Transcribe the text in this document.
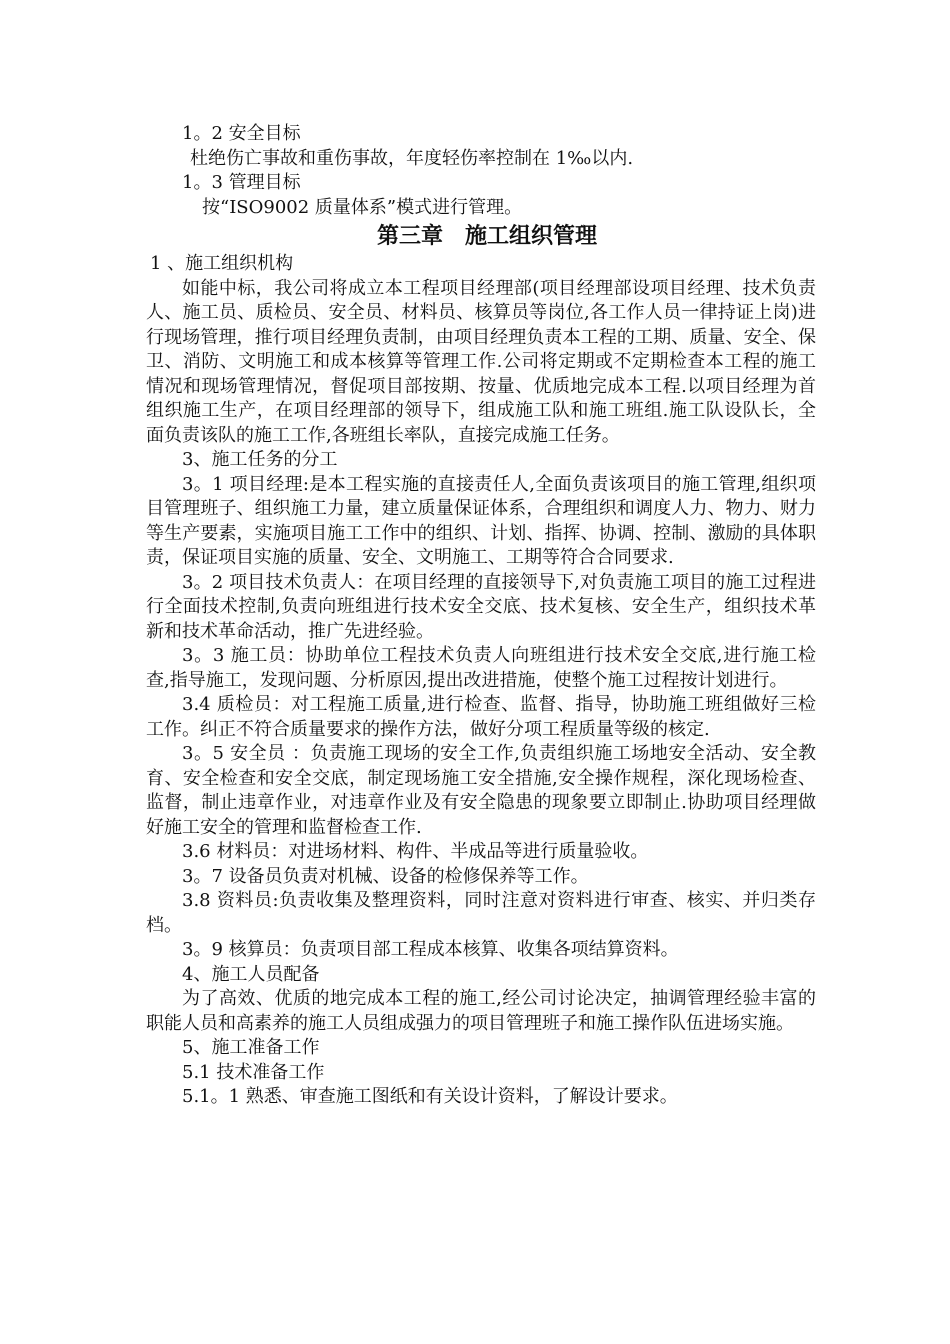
1。2 安全目标
杜绝伤亡事故和重伤事故，年度轻伤率控制在 1‰以内.
1。3 管理目标
按“ISO9002 质量体系”模式进行管理。
第三章　施工组织管理
1 、施工组织机构
如能中标，我公司将成立本工程项目经理部(项目经理部设项目经理、技术负责人、施工员、质检员、安全员、材料员、核算员等岗位,各工作人员一律持证上岗)进行现场管理，推行项目经理负责制，由项目经理负责本工程的工期、质量、安全、保卫、消防、文明施工和成本核算等管理工作.公司将定期或不定期检查本工程的施工情况和现场管理情况，督促项目部按期、按量、优质地完成本工程.以项目经理为首组织施工生产，在项目经理部的领导下，组成施工队和施工班组.施工队设队长，全面负责该队的施工工作,各班组长率队，直接完成施工任务。
3、施工任务的分工
3。1 项目经理:是本工程实施的直接责任人,全面负责该项目的施工管理,组织项目管理班子、组织施工力量，建立质量保证体系，合理组织和调度人力、物力、财力等生产要素，实施项目施工工作中的组织、计划、指挥、协调、控制、激励的具体职责，保证项目实施的质量、安全、文明施工、工期等符合合同要求.
3。2 项目技术负责人：在项目经理的直接领导下,对负责施工项目的施工过程进行全面技术控制,负责向班组进行技术安全交底、技术复核、安全生产，组织技术革新和技术革命活动，推广先进经验。
3。3 施工员：协助单位工程技术负责人向班组进行技术安全交底,进行施工检查,指导施工，发现问题、分析原因,提出改进措施，使整个施工过程按计划进行。
3.4 质检员：对工程施工质量,进行检查、监督、指导，协助施工班组做好三检工作。纠正不符合质量要求的操作方法，做好分项工程质量等级的核定.
3。5 安全员 ：负责施工现场的安全工作,负责组织施工场地安全活动、安全教育、安全检查和安全交底，制定现场施工安全措施,安全操作规程，深化现场检查、监督，制止违章作业，对违章作业及有安全隐患的现象要立即制止.协助项目经理做好施工安全的管理和监督检查工作.
3.6 材料员：对进场材料、构件、半成品等进行质量验收。
3。7 设备员负责对机械、设备的检修保养等工作。
3.8 资料员:负责收集及整理资料，同时注意对资料进行审查、核实、并归类存档。
3。9 核算员：负责项目部工程成本核算、收集各项结算资料。
4、施工人员配备
为了高效、优质的地完成本工程的施工,经公司讨论决定，抽调管理经验丰富的职能人员和高素养的施工人员组成强力的项目管理班子和施工操作队伍进场实施。
5、施工准备工作
5.1 技术准备工作
5.1。1 熟悉、审查施工图纸和有关设计资料，了解设计要求。
